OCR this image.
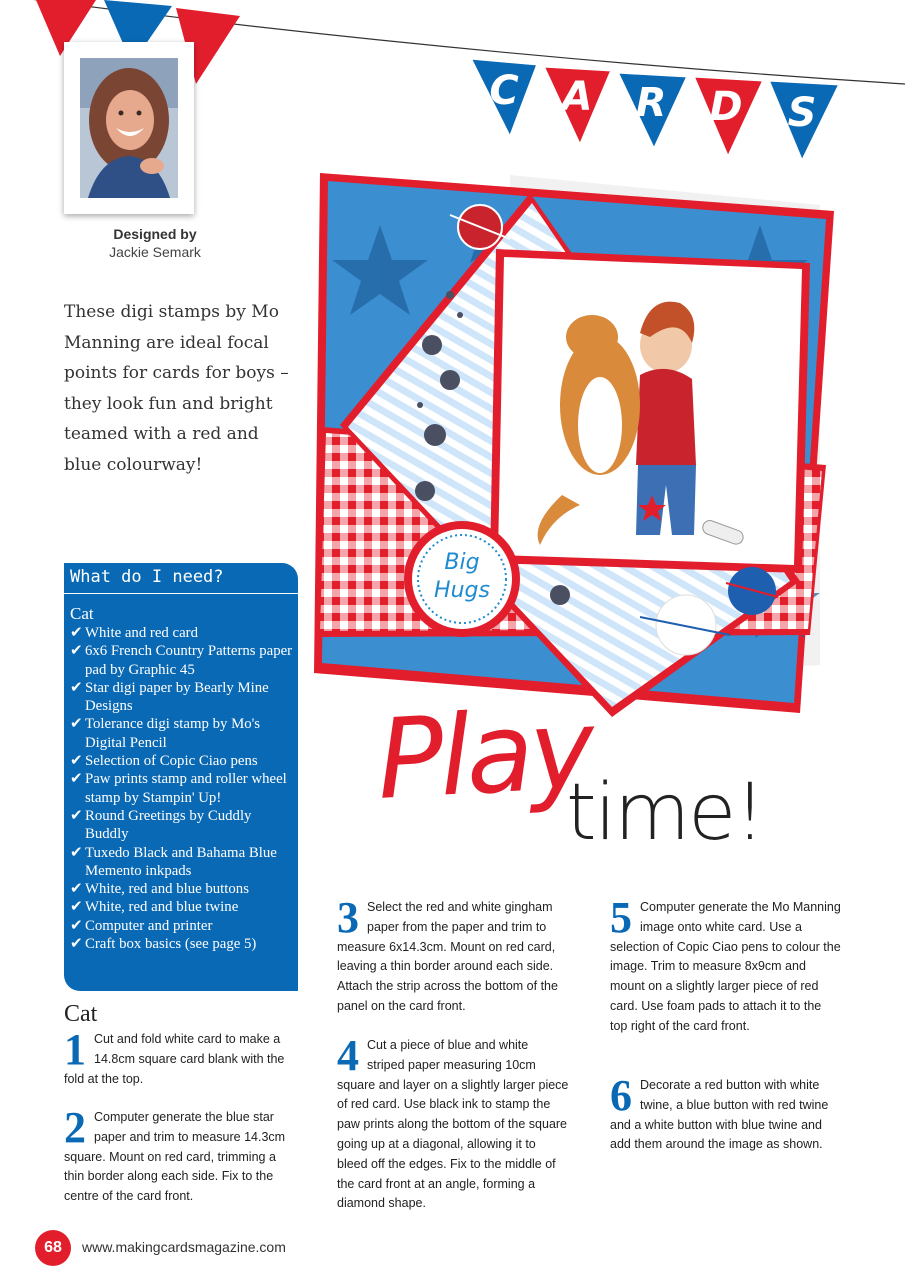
C A R D S
Designed by
Jackie Semark
These digi stamps by Mo Manning are ideal focal points for cards for boys – they look fun and bright teamed with a red and blue colourway!
What do I need?
Cat
✔ White and red card
✔ 6x6 French Country Patterns paper pad by Graphic 45
✔ Star digi paper by Bearly Mine Designs
✔ Tolerance digi stamp by Mo's Digital Pencil
✔ Selection of Copic Ciao pens
✔ Paw prints stamp and roller wheel stamp by Stampin' Up!
✔ Round Greetings by Cuddly Buddly
✔ Tuxedo Black and Bahama Blue Memento inkpads
✔ White, red and blue buttons
✔ White, red and blue twine
✔ Computer and printer
✔ Craft box basics (see page 5)
Big
Hugs
Play
time!
Cat
1 Cut and fold white card to make a 14.8cm square card blank with the fold at the top.
2 Computer generate the blue star paper and trim to measure 14.3cm square. Mount on red card, trimming a thin border along each side. Fix to the centre of the card front.
3 Select the red and white gingham paper from the paper and trim to measure 6x14.3cm. Mount on red card, leaving a thin border around each side. Attach the strip across the bottom of the panel on the card front.
4 Cut a piece of blue and white striped paper measuring 10cm square and layer on a slightly larger piece of red card. Use black ink to stamp the paw prints along the bottom of the square going up at a diagonal, allowing it to bleed off the edges. Fix to the middle of the card front at an angle, forming a diamond shape.
5 Computer generate the Mo Manning image onto white card. Use a selection of Copic Ciao pens to colour the image. Trim to measure 8x9cm and mount on a slightly larger piece of red card. Use foam pads to attach it to the top right of the card front.
6 Decorate a red button with white twine, a blue button with red twine and a white button with blue twine and add them around the image as shown.
68	www.makingcardsmagazine.com
